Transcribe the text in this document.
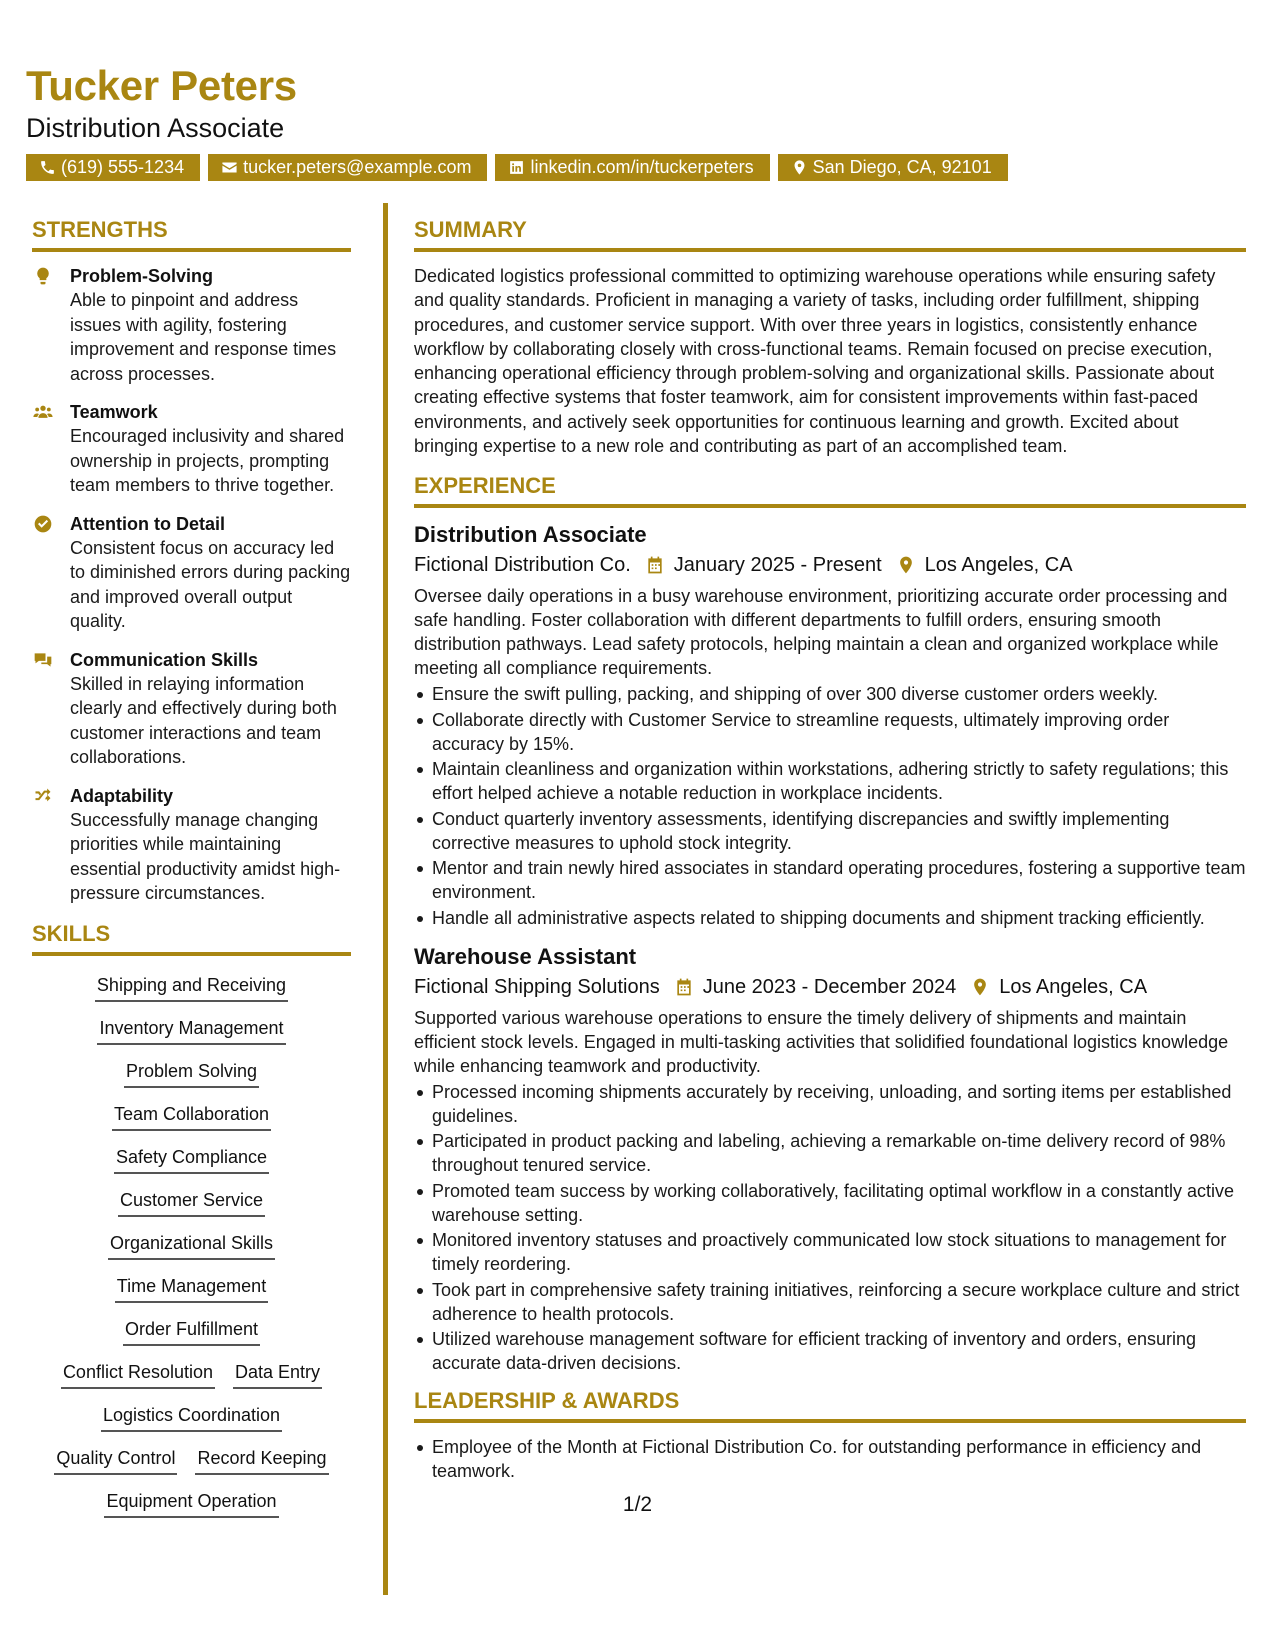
Tucker Peters
Distribution Associate
(619) 555-1234	tucker.peters@example.com	linkedin.com/in/tuckerpeters	San Diego, CA, 92101
STRENGTHS
Problem-Solving
Able to pinpoint and address issues with agility, fostering improvement and response times across processes.
Teamwork
Encouraged inclusivity and shared ownership in projects, prompting team members to thrive together.
Attention to Detail
Consistent focus on accuracy led to diminished errors during packing and improved overall output quality.
Communication Skills
Skilled in relaying information clearly and effectively during both customer interactions and team collaborations.
Adaptability
Successfully manage changing priorities while maintaining essential productivity amidst high-pressure circumstances.
SKILLS
Shipping and Receiving
Inventory Management
Problem Solving
Team Collaboration
Safety Compliance
Customer Service
Organizational Skills
Time Management
Order Fulfillment
Conflict Resolution Data Entry
Logistics Coordination
Quality Control Record Keeping
Equipment Operation
SUMMARY
Dedicated logistics professional committed to optimizing warehouse operations while ensuring safety and quality standards. Proficient in managing a variety of tasks, including order fulfillment, shipping procedures, and customer service support. With over three years in logistics, consistently enhance workflow by collaborating closely with cross-functional teams. Remain focused on precise execution, enhancing operational efficiency through problem-solving and organizational skills. Passionate about creating effective systems that foster teamwork, aim for consistent improvements within fast-paced environments, and actively seek opportunities for continuous learning and growth. Excited about bringing expertise to a new role and contributing as part of an accomplished team.
EXPERIENCE
Distribution Associate
Fictional Distribution Co. January 2025 - Present Los Angeles, CA
Oversee daily operations in a busy warehouse environment, prioritizing accurate order processing and safe handling. Foster collaboration with different departments to fulfill orders, ensuring smooth distribution pathways. Lead safety protocols, helping maintain a clean and organized workplace while meeting all compliance requirements.
Ensure the swift pulling, packing, and shipping of over 300 diverse customer orders weekly.
Collaborate directly with Customer Service to streamline requests, ultimately improving order accuracy by 15%.
Maintain cleanliness and organization within workstations, adhering strictly to safety regulations; this effort helped achieve a notable reduction in workplace incidents.
Conduct quarterly inventory assessments, identifying discrepancies and swiftly implementing corrective measures to uphold stock integrity.
Mentor and train newly hired associates in standard operating procedures, fostering a supportive team environment.
Handle all administrative aspects related to shipping documents and shipment tracking efficiently.
Warehouse Assistant
Fictional Shipping Solutions June 2023 - December 2024 Los Angeles, CA
Supported various warehouse operations to ensure the timely delivery of shipments and maintain efficient stock levels. Engaged in multi-tasking activities that solidified foundational logistics knowledge while enhancing teamwork and productivity.
Processed incoming shipments accurately by receiving, unloading, and sorting items per established guidelines.
Participated in product packing and labeling, achieving a remarkable on-time delivery record of 98% throughout tenured service.
Promoted team success by working collaboratively, facilitating optimal workflow in a constantly active warehouse setting.
Monitored inventory statuses and proactively communicated low stock situations to management for timely reordering.
Took part in comprehensive safety training initiatives, reinforcing a secure workplace culture and strict adherence to health protocols.
Utilized warehouse management software for efficient tracking of inventory and orders, ensuring accurate data-driven decisions.
LEADERSHIP & AWARDS
Employee of the Month at Fictional Distribution Co. for outstanding performance in efficiency and teamwork.
1/2
